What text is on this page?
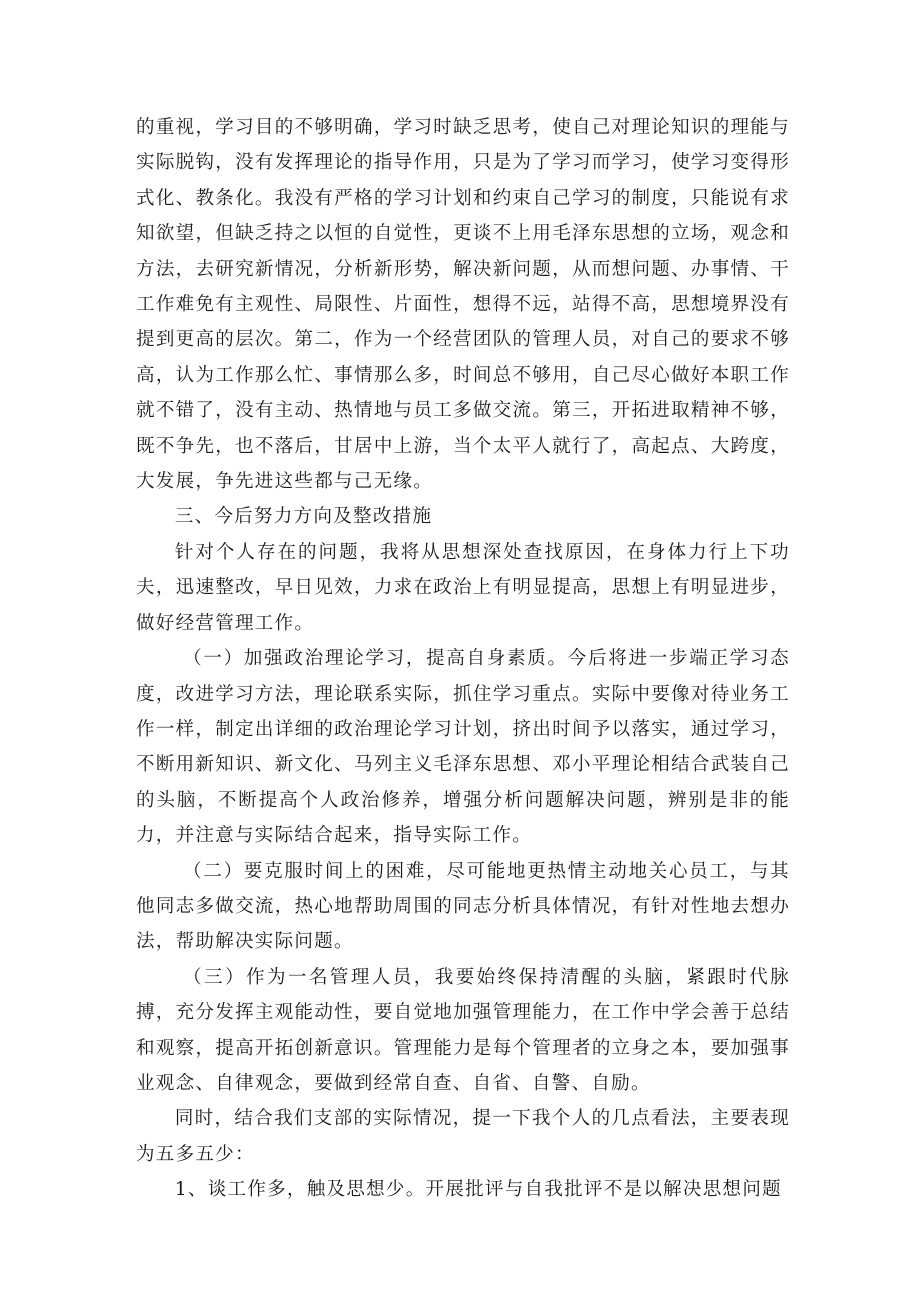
的重视，学习目的不够明确，学习时缺乏思考，使自己对理论知识的理能与实际脱钩，没有发挥理论的指导作用，只是为了学习而学习，使学习变得形式化、教条化。我没有严格的学习计划和约束自己学习的制度，只能说有求知欲望，但缺乏持之以恒的自觉性，更谈不上用毛泽东思想的立场，观念和方法，去研究新情况，分析新形势，解决新问题，从而想问题、办事情、干工作难免有主观性、局限性、片面性，想得不远，站得不高，思想境界没有提到更高的层次。第二，作为一个经营团队的管理人员，对自己的要求不够高，认为工作那么忙、事情那么多，时间总不够用，自己尽心做好本职工作就不错了，没有主动、热情地与员工多做交流。第三，开拓进取精神不够，既不争先，也不落后，甘居中上游，当个太平人就行了，高起点、大跨度，大发展，争先进这些都与己无缘。

三、今后努力方向及整改措施

针对个人存在的问题，我将从思想深处查找原因，在身体力行上下功夫，迅速整改，早日见效，力求在政治上有明显提高，思想上有明显进步，做好经营管理工作。

（一）加强政治理论学习，提高自身素质。今后将进一步端正学习态度，改进学习方法，理论联系实际，抓住学习重点。实际中要像对待业务工作一样，制定出详细的政治理论学习计划，挤出时间予以落实，通过学习，不断用新知识、新文化、马列主义毛泽东思想、邓小平理论相结合武装自己的头脑，不断提高个人政治修养，增强分析问题解决问题，辨别是非的能力，并注意与实际结合起来，指导实际工作。

（二）要克服时间上的困难，尽可能地更热情主动地关心员工，与其他同志多做交流，热心地帮助周围的同志分析具体情况，有针对性地去想办法，帮助解决实际问题。

（三）作为一名管理人员，我要始终保持清醒的头脑，紧跟时代脉搏，充分发挥主观能动性，要自觉地加强管理能力，在工作中学会善于总结和观察，提高开拓创新意识。管理能力是每个管理者的立身之本，要加强事业观念、自律观念，要做到经常自查、自省、自警、自励。

同时，结合我们支部的实际情况，提一下我个人的几点看法，主要表现为五多五少：

1、谈工作多，触及思想少。开展批评与自我批评不是以解决思想问题
